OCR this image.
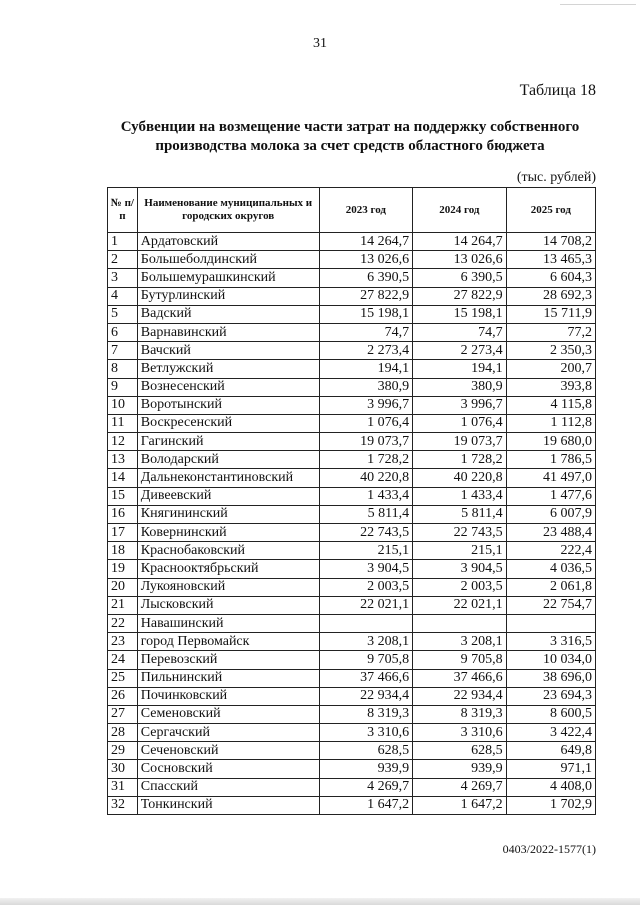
31
Таблица 18
Субвенции на возмещение части затрат на поддержку собственного производства молока за счет средств областного бюджета
(тыс. рублей)
№ п/п	Наименование муниципальных и городских округов	2023 год	2024 год	2025 год
1	Ардатовский	14 264,7	14 264,7	14 708,2
2	Большеболдинский	13 026,6	13 026,6	13 465,3
3	Большемурашкинский	6 390,5	6 390,5	6 604,3
4	Бутурлинский	27 822,9	27 822,9	28 692,3
5	Вадский	15 198,1	15 198,1	15 711,9
6	Варнавинский	74,7	74,7	77,2
7	Вачский	2 273,4	2 273,4	2 350,3
8	Ветлужский	194,1	194,1	200,7
9	Вознесенский	380,9	380,9	393,8
10	Воротынский	3 996,7	3 996,7	4 115,8
11	Воскресенский	1 076,4	1 076,4	1 112,8
12	Гагинский	19 073,7	19 073,7	19 680,0
13	Володарский	1 728,2	1 728,2	1 786,5
14	Дальнеконстантиновский	40 220,8	40 220,8	41 497,0
15	Дивеевский	1 433,4	1 433,4	1 477,6
16	Княгининский	5 811,4	5 811,4	6 007,9
17	Ковернинский	22 743,5	22 743,5	23 488,4
18	Краснобаковский	215,1	215,1	222,4
19	Краснооктябрьский	3 904,5	3 904,5	4 036,5
20	Лукояновский	2 003,5	2 003,5	2 061,8
21	Лысковский	22 021,1	22 021,1	22 754,7
22	Навашинский			
23	город Первомайск	3 208,1	3 208,1	3 316,5
24	Перевозский	9 705,8	9 705,8	10 034,0
25	Пильнинский	37 466,6	37 466,6	38 696,0
26	Починковский	22 934,4	22 934,4	23 694,3
27	Семеновский	8 319,3	8 319,3	8 600,5
28	Сергачский	3 310,6	3 310,6	3 422,4
29	Сеченовский	628,5	628,5	649,8
30	Сосновский	939,9	939,9	971,1
31	Спасский	4 269,7	4 269,7	4 408,0
32	Тонкинский	1 647,2	1 647,2	1 702,9
0403/2022-1577(1)
